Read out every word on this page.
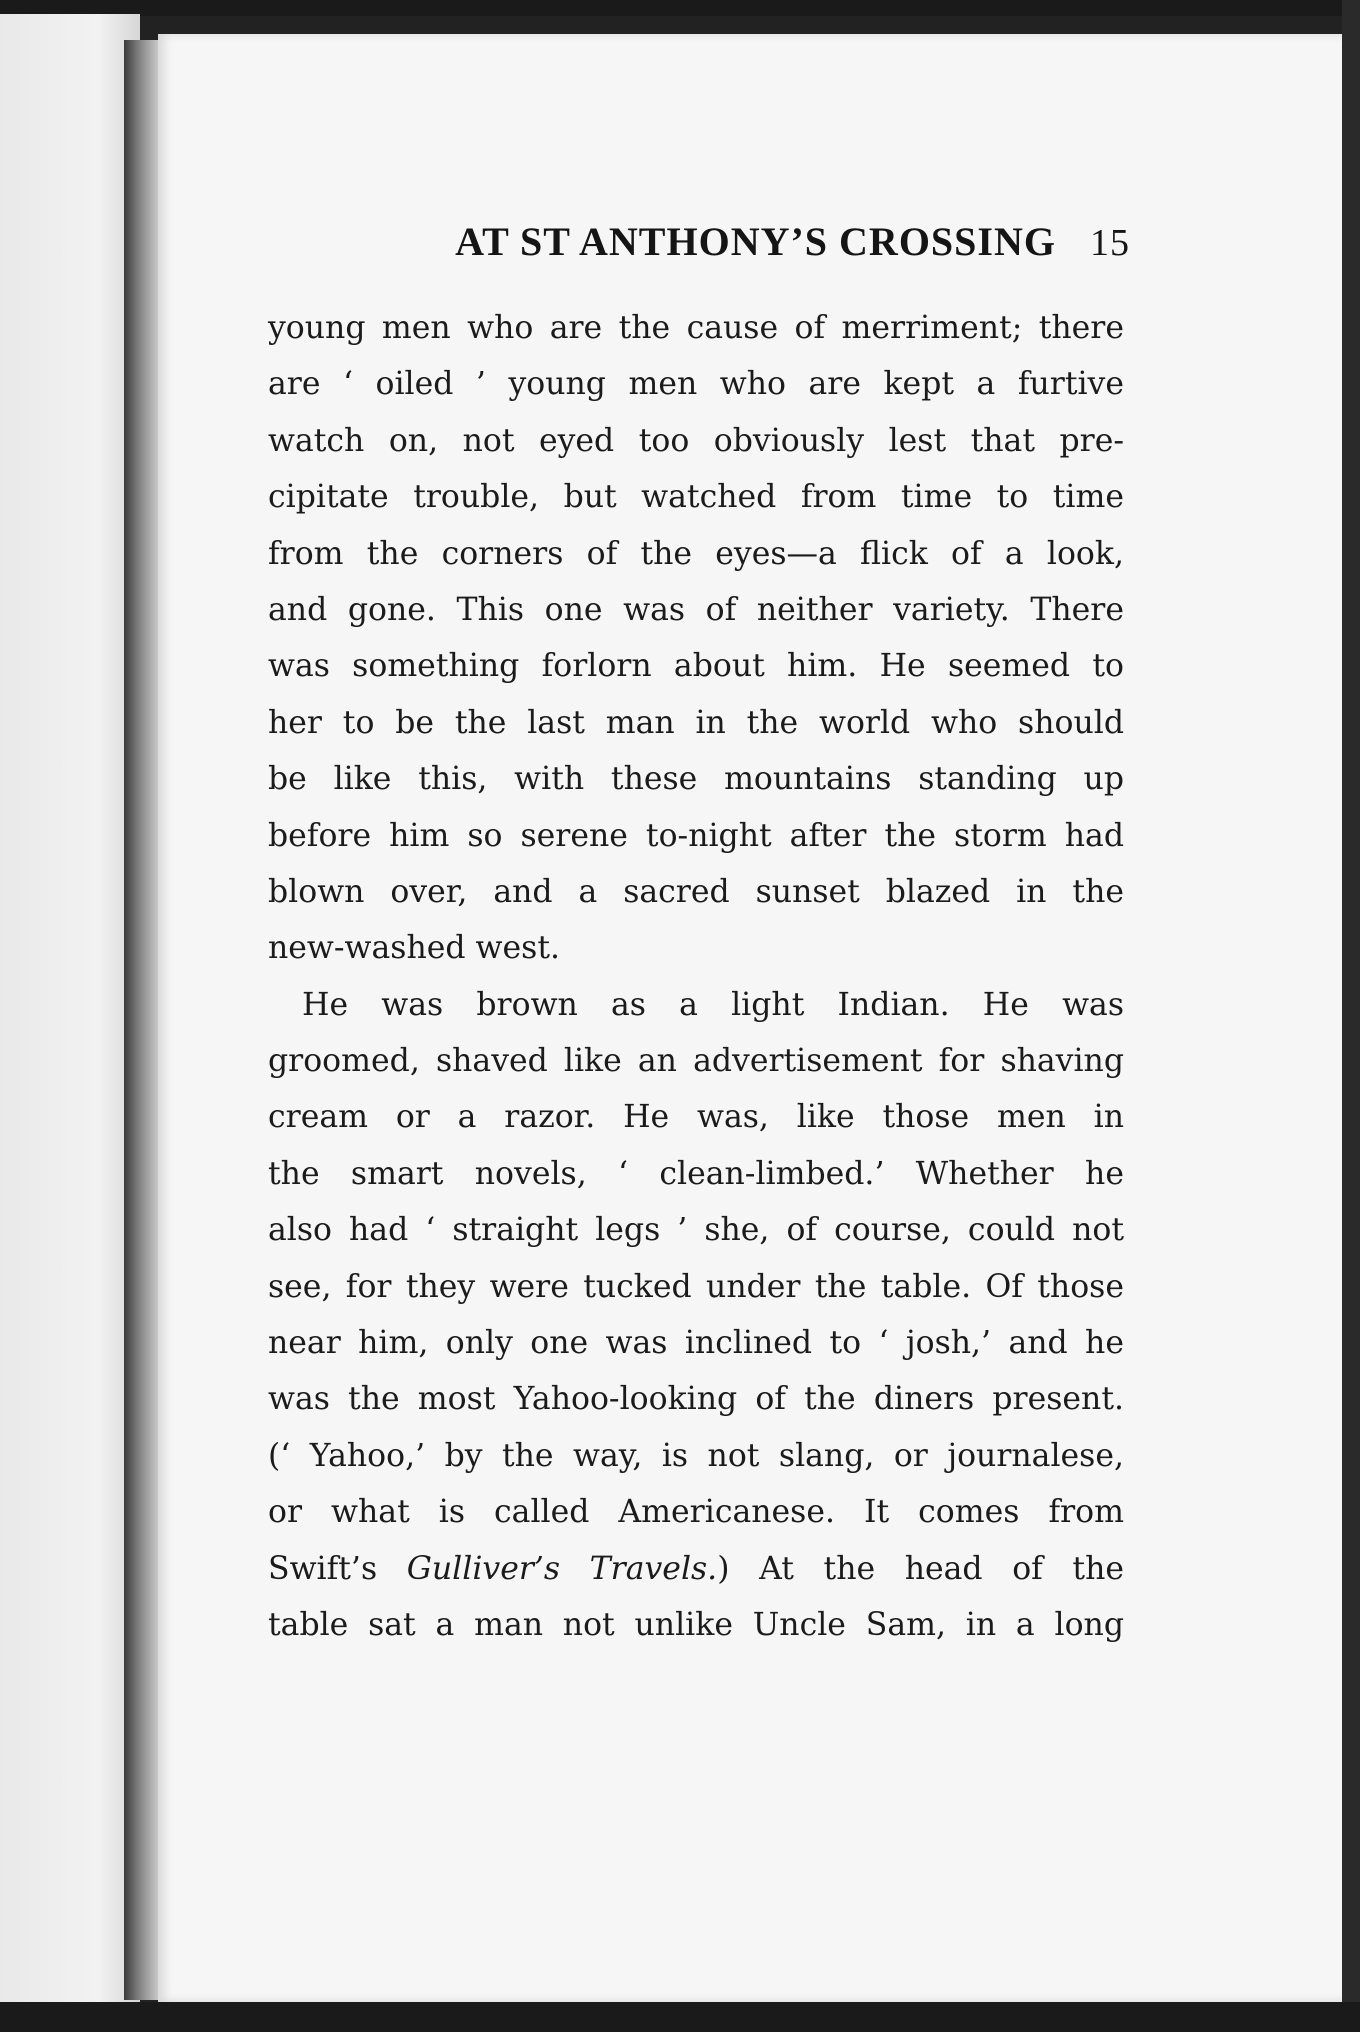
AT ST ANTHONY’S CROSSING 15
young men who are the cause of merriment; there
are ‘ oiled ’ young men who are kept a furtive
watch on, not eyed too obviously lest that pre-
cipitate trouble, but watched from time to time
from the corners of the eyes—a flick of a look,
and gone. This one was of neither variety. There
was something forlorn about him. He seemed to
her to be the last man in the world who should
be like this, with these mountains standing up
before him so serene to-night after the storm had
blown over, and a sacred sunset blazed in the
new-washed west.
He was brown as a light Indian. He was
groomed, shaved like an advertisement for shaving
cream or a razor. He was, like those men in
the smart novels, ‘ clean-limbed.’ Whether he
also had ‘ straight legs ’ she, of course, could not
see, for they were tucked under the table. Of those
near him, only one was inclined to ‘ josh,’ and he
was the most Yahoo-looking of the diners present.
(‘ Yahoo,’ by the way, is not slang, or journalese,
or what is called Americanese. It comes from
Swift’s Gulliver’s Travels.) At the head of the
table sat a man not unlike Uncle Sam, in a long
